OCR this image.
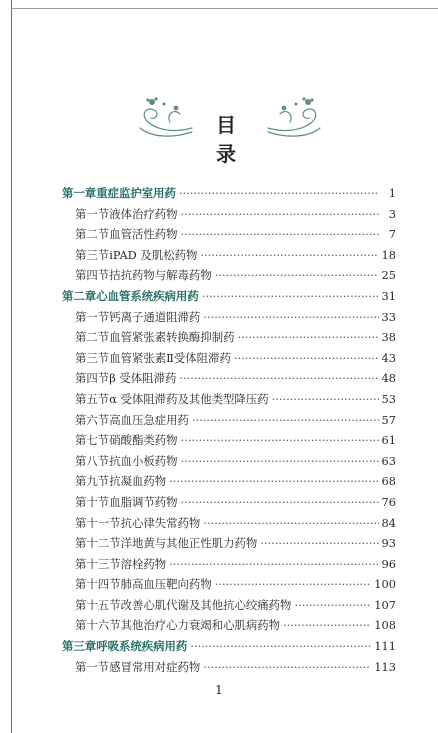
目 录
第一章 重症监护室用药 ·····	1
第一节 液体治疗药物 ·····	3
第二节 血管活性药物 ·····	7
第三节 iPAD 及肌松药物 ·····	18
第四节 拮抗药物与解毒药物 ·····	25
第二章 心血管系统疾病用药 ·····	31
第一节 钙离子通道阻滞药 ·····	33
第二节 血管紧张素转换酶抑制药 ·····	38
第三节 血管紧张素Ⅱ受体阻滞药 ·····	43
第四节 β 受体阻滞药 ·····	48
第五节 α 受体阻滞药及其他类型降压药 ·····	53
第六节 高血压急症用药 ·····	57
第七节 硝酸酯类药物 ·····	61
第八节 抗血小板药物 ·····	63
第九节 抗凝血药物 ·····	68
第十节 血脂调节药物 ·····	76
第十一节 抗心律失常药物 ·····	84
第十二节 洋地黄与其他正性肌力药物 ·····	93
第十三节 溶栓药物 ·····	96
第十四节 肺高血压靶向药物 ·····	100
第十五节 改善心肌代谢及其他抗心绞痛药物 ·····	107
第十六节 其他治疗心力衰竭和心肌病药物 ·····	108
第三章 呼吸系统疾病用药 ·····	111
第一节 感冒常用对症药物 ·····	113
1
